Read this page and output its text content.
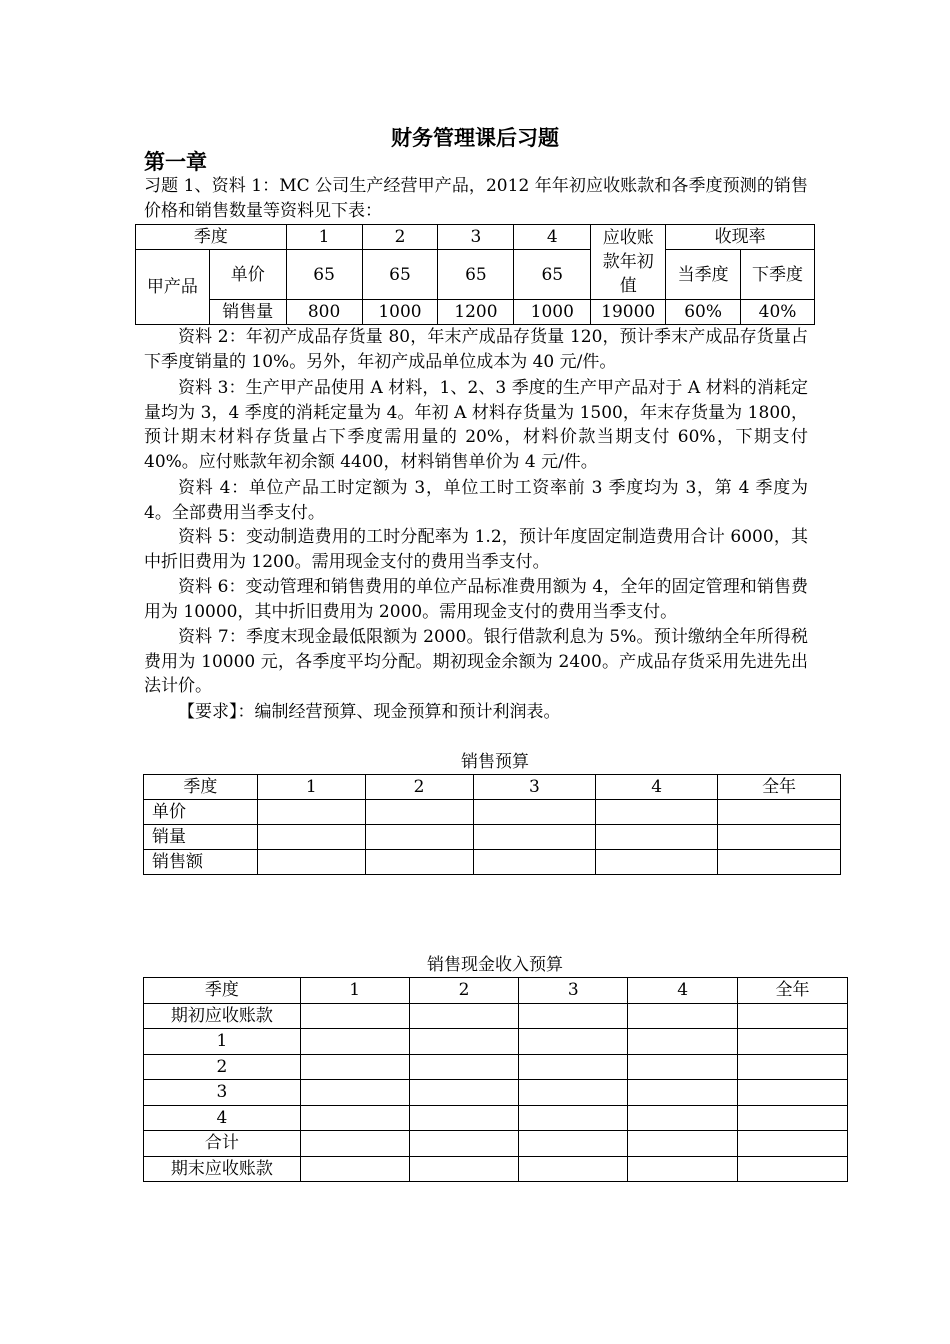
财务管理课后习题
第一章

习题 1、资料 1：MC 公司生产经营甲产品，2012 年年初应收账款和各季度预测的销售价格和销售数量等资料见下表：

季度		1	2	3	4	应收账款年初值	收现率	
甲产品	单价	65	65	65	65		当季度	下季度
	销售量	800	1000	1200	1000	19000	60%	40%

资料 2：年初产成品存货量 80，年末产成品存货量 120，预计季末产成品存货量占下季度销量的 10%。另外，年初产成品单位成本为 40 元/件。

资料 3：生产甲产品使用 A 材料，1、2、3 季度的生产甲产品对于 A 材料的消耗定量均为 3，4 季度的消耗定量为 4。年初 A 材料存货量为 1500，年末存货量为 1800，预计期末材料存货量占下季度需用量的 20%，材料价款当期支付 60%，下期支付 40%。应付账款年初余额 4400，材料销售单价为 4 元/件。

资料 4：单位产品工时定额为 3，单位工时工资率前 3 季度均为 3，第 4 季度为 4。全部费用当季支付。

资料 5：变动制造费用的工时分配率为 1.2，预计年度固定制造费用合计 6000，其中折旧费用为 1200。需用现金支付的费用当季支付。

资料 6：变动管理和销售费用的单位产品标准费用额为 4，全年的固定管理和销售费用为 10000，其中折旧费用为 2000。需用现金支付的费用当季支付。

资料 7：季度末现金最低限额为 2000。银行借款利息为 5%。预计缴纳全年所得税费用为 10000 元，各季度平均分配。期初现金余额为 2400。产成品存货采用先进先出法计价。

【要求】：编制经营预算、现金预算和预计利润表。

销售预算
季度	1	2	3	4	全年
单价					
销量					
销售额					
销售现金收入预算
季度	1	2	3	4	全年
期初应收账款					
1					
2					
3					
4					
合计					
期末应收账款					
